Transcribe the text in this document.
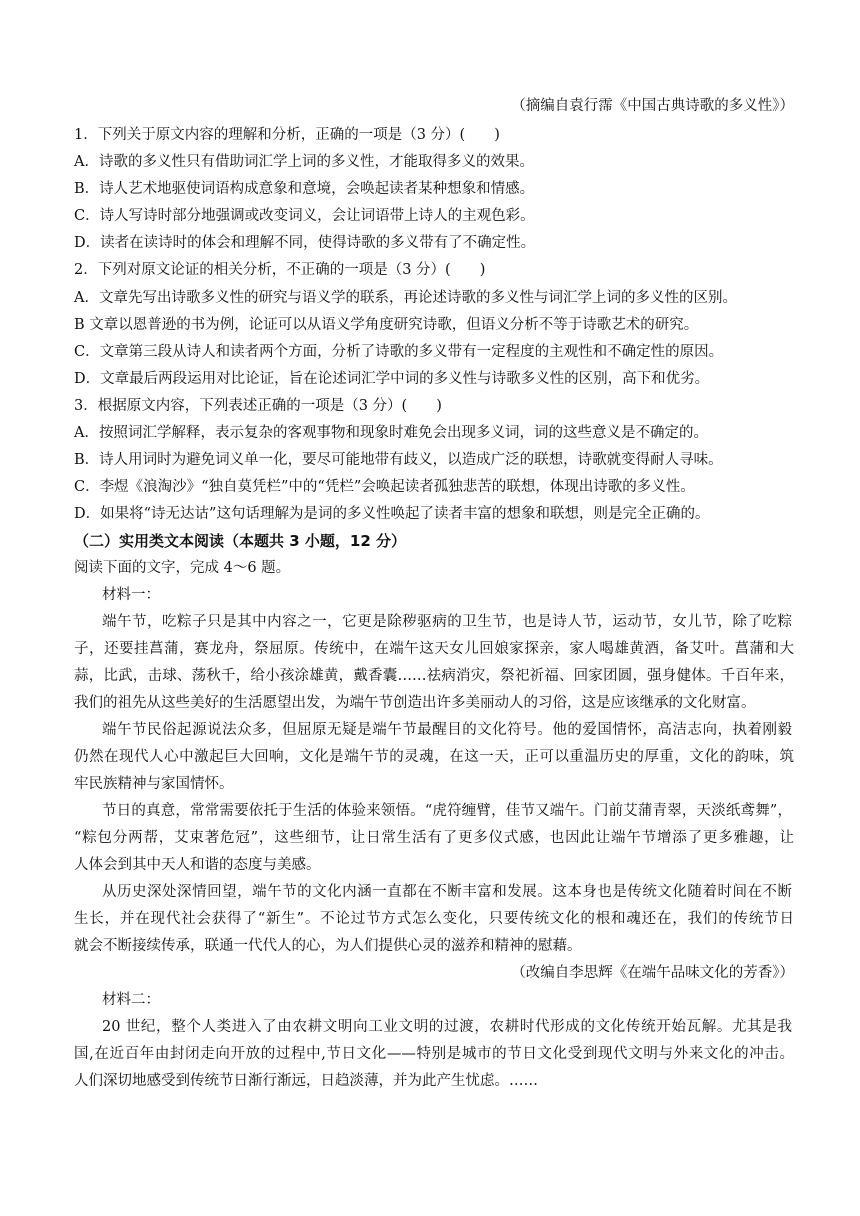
（摘编自袁行霈《中国古典诗歌的多义性》）
1．下列关于原文内容的理解和分析，正确的一项是（3 分）(　　)
A．诗歌的多义性只有借助词汇学上词的多义性，才能取得多义的效果。
B．诗人艺术地驱使词语构成意象和意境，会唤起读者某种想象和情感。
C．诗人写诗时部分地强调或改变词义，会让词语带上诗人的主观色彩。
D．读者在读诗时的体会和理解不同，使得诗歌的多义带有了不确定性。
2．下列对原文论证的相关分析，不正确的一项是（3 分）(　　)
A．文章先写出诗歌多义性的研究与语义学的联系，再论述诗歌的多义性与词汇学上词的多义性的区别。
B 文章以恩普逊的书为例，论证可以从语义学角度研究诗歌，但语义分析不等于诗歌艺术的研究。
C．文章第三段从诗人和读者两个方面，分析了诗歌的多义带有一定程度的主观性和不确定性的原因。
D．文章最后两段运用对比论证，旨在论述词汇学中词的多义性与诗歌多义性的区别，高下和优劣。
3．根据原文内容，下列表述正确的一项是（3 分）(　　)
A．按照词汇学解释，表示复杂的客观事物和现象时难免会出现多义词，词的这些意义是不确定的。
B．诗人用词时为避免词义单一化，要尽可能地带有歧义，以造成广泛的联想，诗歌就变得耐人寻味。
C．李煜《浪淘沙》“独自莫凭栏”中的“凭栏”会唤起读者孤独悲苦的联想，体现出诗歌的多义性。
D．如果将“诗无达诂”这句话理解为是词的多义性唤起了读者丰富的想象和联想，则是完全正确的。
（二）实用类文本阅读（本题共 3 小题，12 分）
阅读下面的文字，完成 4～6 题。
材料一：
端午节，吃粽子只是其中内容之一，它更是除秽驱病的卫生节，也是诗人节，运动节，女儿节，除了吃粽
子，还要挂菖蒲，赛龙舟，祭屈原。传统中，在端午这天女儿回娘家探亲，家人喝雄黄酒，备艾叶。菖蒲和大
蒜，比武，击球、荡秋千，给小孩涂雄黄，戴香囊……祛病消灾，祭祀祈福、回家团圆，强身健体。千百年来，
我们的祖先从这些美好的生活愿望出发，为端午节创造出许多美丽动人的习俗，这是应该继承的文化财富。
端午节民俗起源说法众多，但屈原无疑是端午节最醒目的文化符号。他的爱国情怀，高洁志向，执着刚毅
仍然在现代人心中激起巨大回响，文化是端午节的灵魂，在这一天，正可以重温历史的厚重，文化的韵味，筑
牢民族精神与家国情怀。
节日的真意，常常需要依托于生活的体验来领悟。“虎符缠臂，佳节又端午。门前艾蒲青翠，天淡纸鸢舞”，
“粽包分两帮，艾束著危冠”，这些细节，让日常生活有了更多仪式感，也因此让端午节增添了更多雅趣，让
人体会到其中天人和谐的态度与美感。
从历史深处深情回望，端午节的文化内涵一直都在不断丰富和发展。这本身也是传统文化随着时间在不断
生长，并在现代社会获得了“新生”。不论过节方式怎么变化，只要传统文化的根和魂还在，我们的传统节日
就会不断接续传承，联通一代代人的心，为人们提供心灵的滋养和精神的慰藉。
（改编自李思辉《在端午品味文化的芳香》）
材料二：
20 世纪，整个人类进入了由农耕文明向工业文明的过渡，农耕时代形成的文化传统开始瓦解。尤其是我
国,在近百年由封闭走向开放的过程中,节日文化——特别是城市的节日文化受到现代文明与外来文化的冲击。
人们深切地感受到传统节日渐行渐远，日趋淡薄，并为此产生忧虑。……
